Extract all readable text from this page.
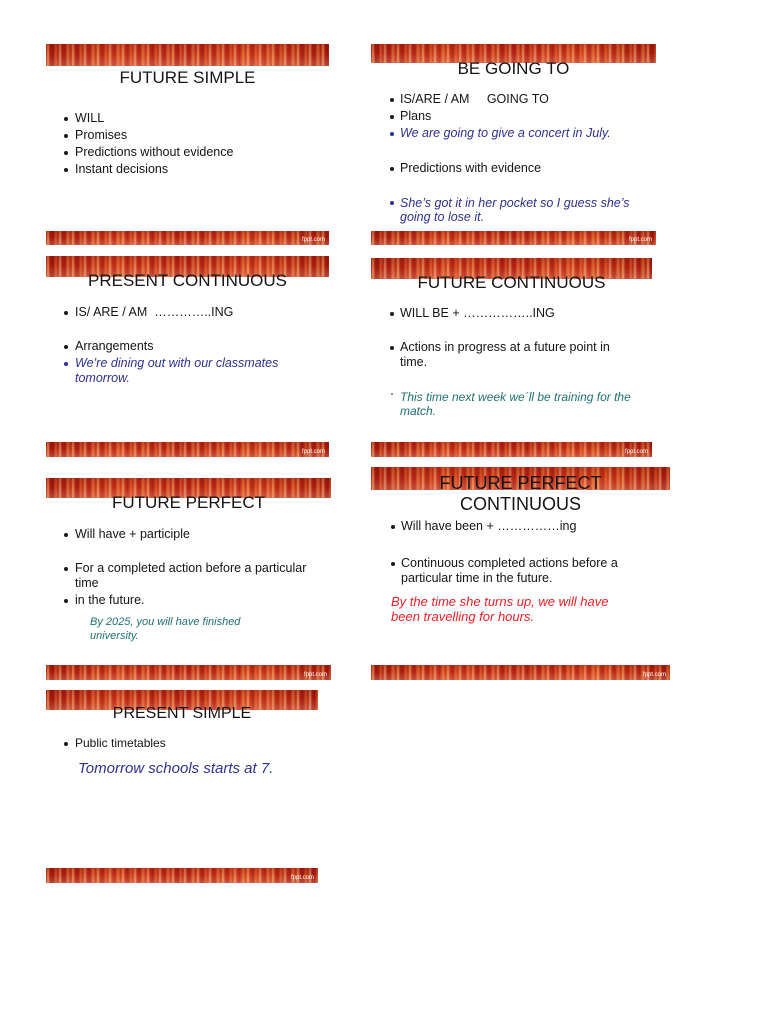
FUTURE SIMPLE
WILL
Promises
Predictions without evidence
Instant decisions
fppt.com
BE GOING TO
IS/ARE / AM     GOING TO
Plans
We are going to give a concert in July.
Predictions with evidence
She’s got it in her pocket so I guess she’s
going to lose it.
fppt.com
PRESENT CONTINUOUS
IS/ ARE / AM  …………..ING
Arrangements
We’re dining out with our classmates
tomorrow.
fppt.com
FUTURE CONTINUOUS
WILL BE + ……………..ING
Actions in progress at a future point in
time.
This time next week we´ll be training for the
match.
fppt.com
FUTURE PERFECT
Will have + participle
For a completed action before a particular
time
in the future.
By 2025, you will have finished
university.
fppt.com
FUTURE PERFECT
CONTINUOUS
Will have been + ……………ing
Continuous completed actions before a
particular time in the future.
By the time she turns up, we will have
been travelling for hours.
fppt.com
PRESENT SIMPLE
Public timetables
Tomorrow schools starts at 7.
fppt.com
